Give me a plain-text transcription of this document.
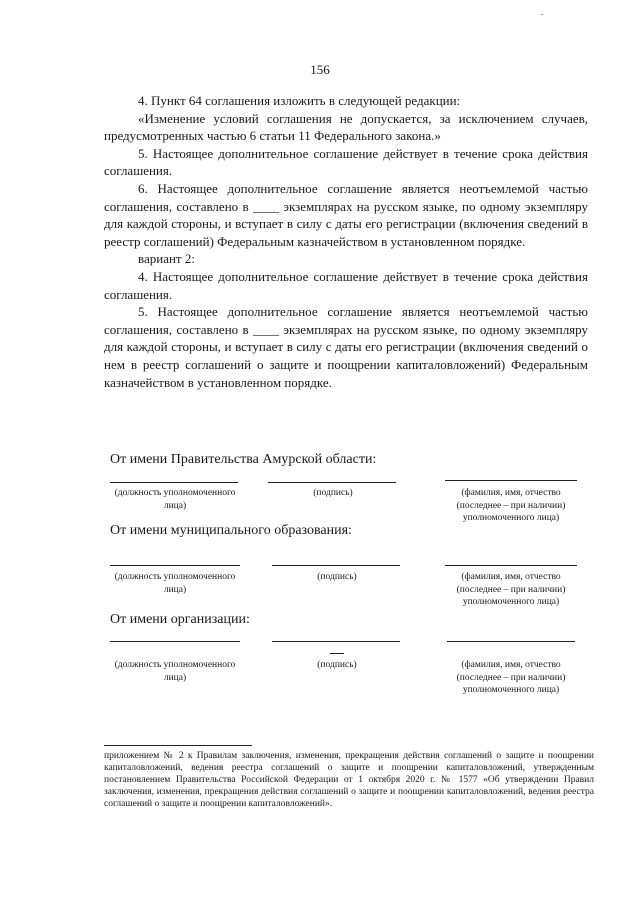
156

4. Пункт 64 соглашения изложить в следующей редакции:

«Изменение условий соглашения не допускается, за исключением случаев, предусмотренных частью 6 статьи 11 Федерального закона.»

5. Настоящее дополнительное соглашение действует в течение срока действия соглашения.

6. Настоящее дополнительное соглашение является неотъемлемой частью соглашения, составлено в ____ экземплярах на русском языке, по одному экземпляру для каждой стороны, и вступает в силу с даты его регистрации (включения сведений в реестр соглашений) Федеральным казначейством в установленном порядке.

вариант 2:

4. Настоящее дополнительное соглашение действует в течение срока действия соглашения.

5. Настоящее дополнительное соглашение является неотъемлемой частью соглашения, составлено в ____ экземплярах на русском языке, по одному экземпляру для каждой стороны, и вступает в силу с даты его регистрации (включения сведений о нем в реестр соглашений о защите и поощрении капиталовложений) Федеральным казначейством в установленном порядке.

От имени Правительства Амурской области:
(должность уполномоченного лица)
(подпись)	(фамилия, имя, отчество (последнее – при наличии) уполномоченного лица)
От имени муниципального образования:
(должность уполномоченного лица)
(подпись)	(фамилия, имя, отчество (последнее – при наличии) уполномоченного лица)
От имени организации:
(должность уполномоченного лица)
(подпись)	(фамилия, имя, отчество (последнее – при наличии) уполномоченного лица)
приложением № 2 к Правилам заключения, изменения, прекращения действия соглашений о защите и поощрении капиталовложений, ведения реестра соглашений о защите и поощрении капиталовложений, утвержденным постановлением Правительства Российской Федерации от 1 октября 2020 г. № 1577 «Об утверждении Правил заключения, изменения, прекращения действия соглашений о защите и поощрении капиталовложений, ведения реестра соглашений о защите и поощрении капиталовложений».
